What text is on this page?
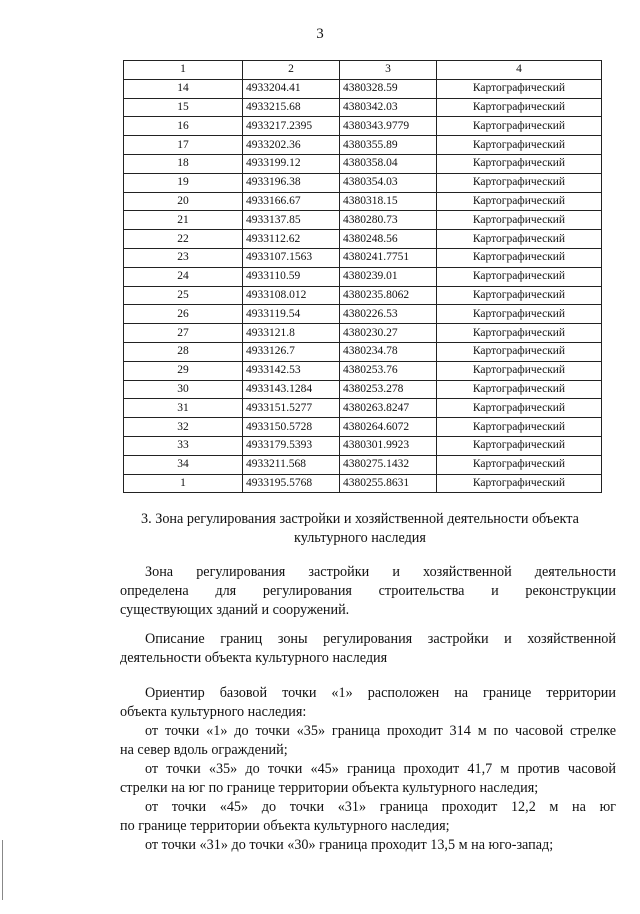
3
1	2	3	4
14	4933204.41	4380328.59	Картографический
15	4933215.68	4380342.03	Картографический
16	4933217.2395	4380343.9779	Картографический
17	4933202.36	4380355.89	Картографический
18	4933199.12	4380358.04	Картографический
19	4933196.38	4380354.03	Картографический
20	4933166.67	4380318.15	Картографический
21	4933137.85	4380280.73	Картографический
22	4933112.62	4380248.56	Картографический
23	4933107.1563	4380241.7751	Картографический
24	4933110.59	4380239.01	Картографический
25	4933108.012	4380235.8062	Картографический
26	4933119.54	4380226.53	Картографический
27	4933121.8	4380230.27	Картографический
28	4933126.7	4380234.78	Картографический
29	4933142.53	4380253.76	Картографический
30	4933143.1284	4380253.278	Картографический
31	4933151.5277	4380263.8247	Картографический
32	4933150.5728	4380264.6072	Картографический
33	4933179.5393	4380301.9923	Картографический
34	4933211.568	4380275.1432	Картографический
1	4933195.5768	4380255.8631	Картографический
3. Зона регулирования застройки и хозяйственной деятельности объекта
культурного наследия
Зона регулирования застройки и хозяйственной деятельности
определена для регулирования строительства и реконструкции
существующих зданий и сооружений.
Описание границ зоны регулирования застройки и хозяйственной
деятельности объекта культурного наследия
Ориентир базовой точки «1» расположен на границе территории
объекта культурного наследия:
от точки «1» до точки «35» граница проходит 314 м по часовой стрелке
на север вдоль ограждений;
от точки «35» до точки «45» граница проходит 41,7 м против часовой
стрелки на юг по границе территории объекта культурного наследия;
от точки «45» до точки «31» граница проходит 12,2 м на юг
по границе территории объекта культурного наследия;
от точки «31» до точки «30» граница проходит 13,5 м на юго-запад;
